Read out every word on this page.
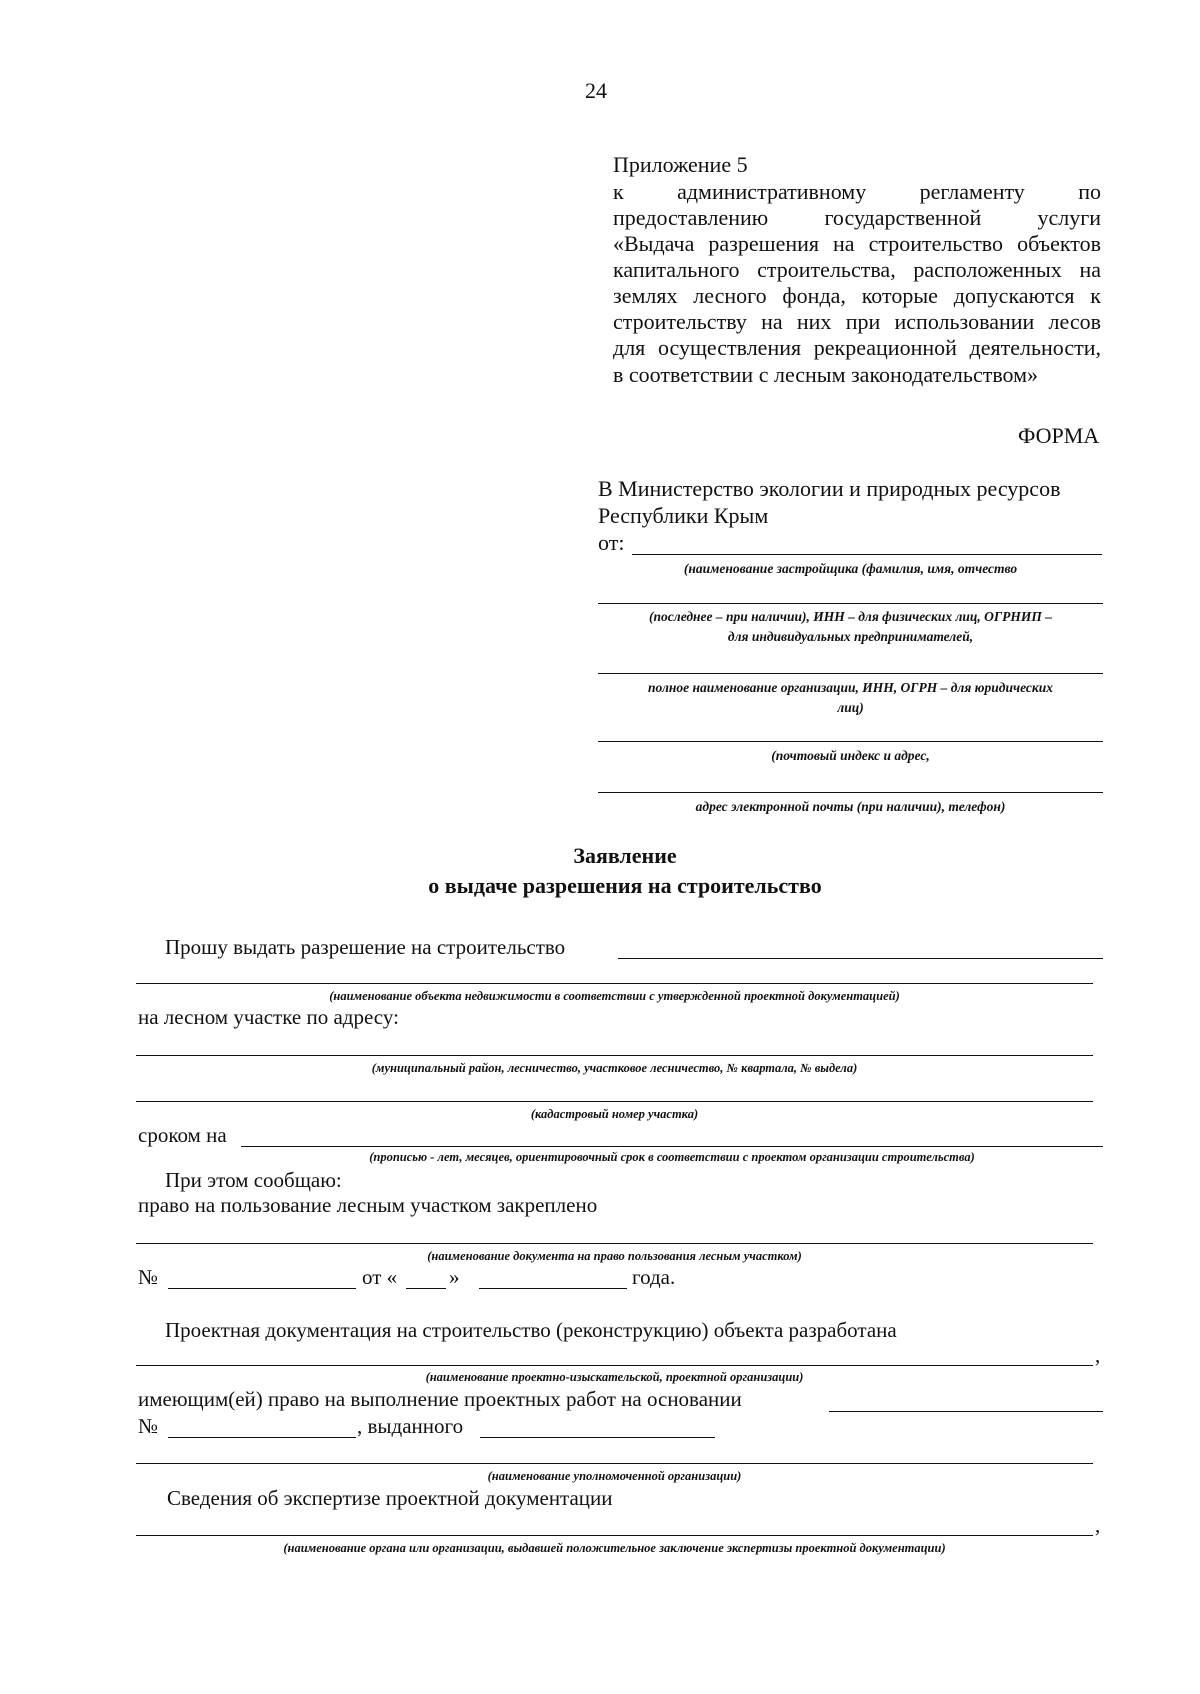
24
Приложение 5
к административному регламенту по
предоставлению государственной услуги
«Выдача разрешения на строительство объектов
капитального строительства, расположенных на
землях лесного фонда, которые допускаются к
строительству на них при использовании лесов
для осуществления рекреационной деятельности,
в соответствии с лесным законодательством»
ФОРМА
В Министерство экологии и природных ресурсов
Республики Крым
от:
(наименование застройщика (фамилия, имя, отчество
(последнее – при наличии), ИНН – для физических лиц, ОГРНИП –
для индивидуальных предпринимателей,
полное наименование организации, ИНН, ОГРН – для юридических
лиц)
(почтовый индекс и адрес,
адрес электронной почты (при наличии), телефон)
Заявление
о выдаче разрешения на строительство
Прошу выдать разрешение на строительство
(наименование объекта недвижимости в соответствии с утвержденной проектной документацией)
на лесном участке по адресу:
(муниципальный район, лесничество, участковое лесничество, № квартала, № выдела)
(кадастровый номер участка)
сроком на
(прописью - лет, месяцев, ориентировочный срок в соответствии с проектом организации строительства)
При этом сообщаю:
право на пользование лесным участком закреплено
(наименование документа на право пользования лесным участком)
№	от « »	года.
Проектная документация на строительство (реконструкцию) объекта разработана
,
(наименование проектно-изыскательской, проектной организации)
имеющим(ей) право на выполнение проектных работ на основании
№	, выданного
(наименование уполномоченной организации)
Сведения об экспертизе проектной документации
,
(наименование органа или организации, выдавшей положительное заключение экспертизы проектной документации)
